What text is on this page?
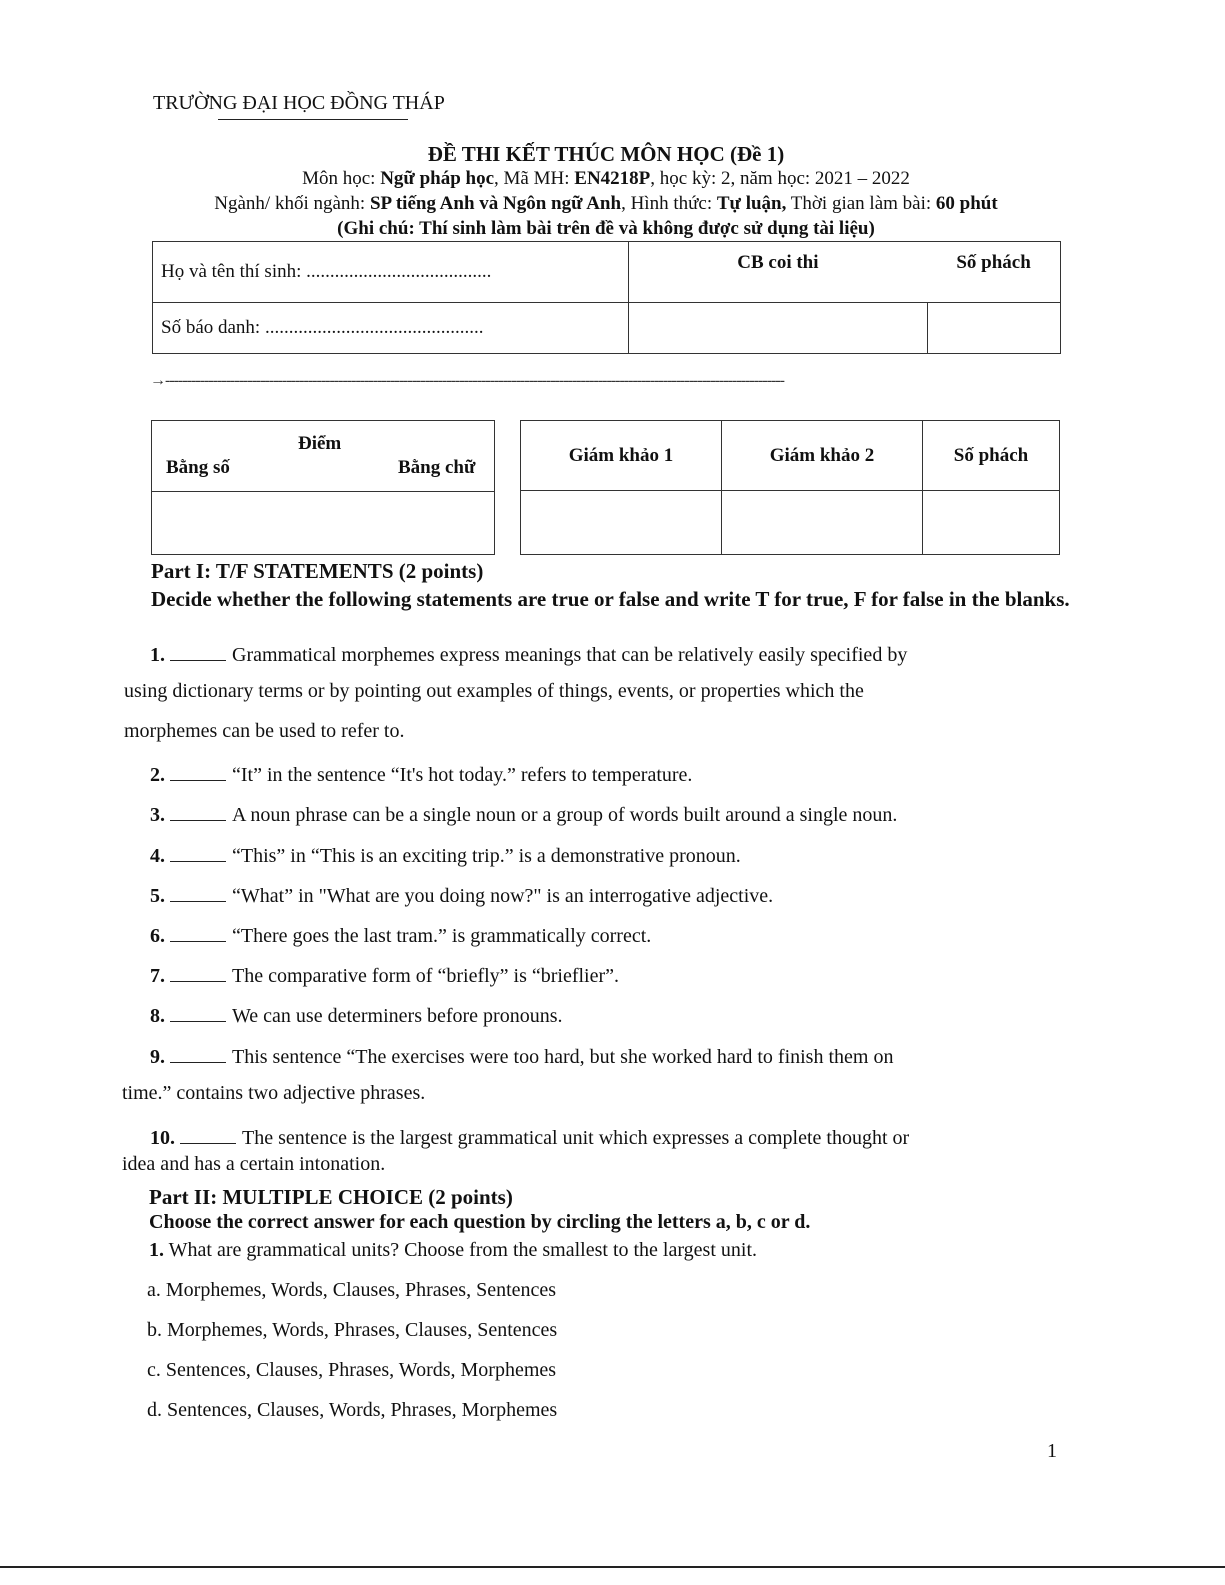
TRƯỜNG ĐẠI HỌC ĐỒNG THÁP
ĐỀ THI KẾT THÚC MÔN HỌC (Đề 1)
Môn học: Ngữ pháp học, Mã MH: EN4218P, học kỳ: 2, năm học: 2021 – 2022
Ngành/ khối ngành: SP tiếng Anh và Ngôn ngữ Anh, Hình thức: Tự luận, Thời gian làm bài: 60 phút
(Ghi chú: Thí sinh làm bài trên đề và không được sử dụng tài liệu)
Họ và tên thí sinh: .......................................	CB coi thi	Số phách
Số báo danh: ..............................................		
→-----------------------------------------------------------------------------------------------------------------------------------------------
Điểm
Bằng số	Bằng chữ

Giám khảo 1	Giám khảo 2	Số phách

Part I: T/F STATEMENTS (2 points)
Decide whether the following statements are true or false and write T for true, F for false in the blanks.
1.	Grammatical morphemes express meanings that can be relatively easily specified by
using dictionary terms or by pointing out examples of things, events, or properties which the
morphemes can be used to refer to.
2.	“It” in the sentence “It's hot today.” refers to temperature.
3.	A noun phrase can be a single noun or a group of words built around a single noun.
4.	“This” in “This is an exciting trip.” is a demonstrative pronoun.
5.	“What” in "What are you doing now?" is an interrogative adjective.
6.	“There goes the last tram.” is grammatically correct.
7.	The comparative form of “briefly” is “brieflier”.
8.	We can use determiners before pronouns.
9.	This sentence “The exercises were too hard, but she worked hard to finish them on
time.” contains two adjective phrases.
10.	The sentence is the largest grammatical unit which expresses a complete thought or
idea and has a certain intonation.
Part II: MULTIPLE CHOICE (2 points)
Choose the correct answer for each question by circling the letters a, b, c or d.
1. What are grammatical units? Choose from the smallest to the largest unit.
a. Morphemes, Words, Clauses, Phrases, Sentences
b. Morphemes, Words, Phrases, Clauses, Sentences
c. Sentences, Clauses, Phrases, Words, Morphemes
d. Sentences, Clauses, Words, Phrases, Morphemes
1
